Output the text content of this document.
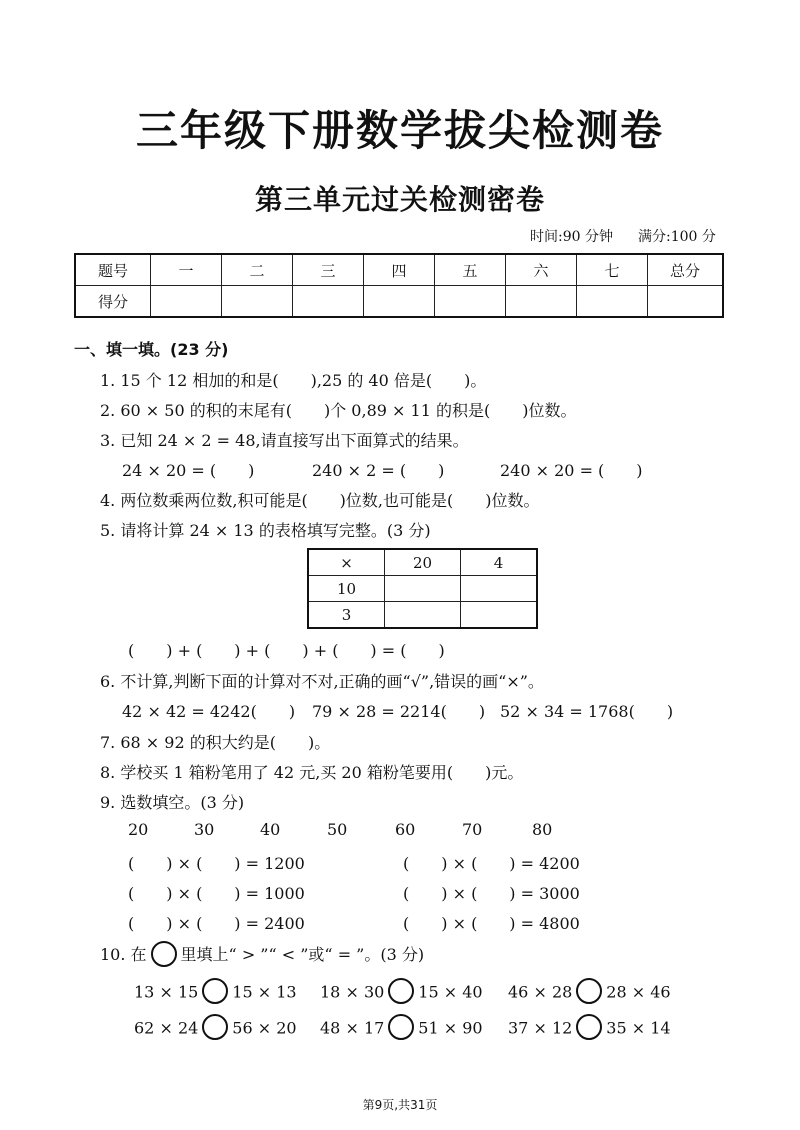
三年级下册数学拔尖检测卷
第三单元过关检测密卷
时间:90 分钟 满分:100 分
题号	一	二	三	四	五	六	七	总分
得分								
一、填一填。(23 分)
1. 15 个 12 相加的和是(　　),25 的 40 倍是(　　)。
2. 60 × 50 的积的末尾有(　　)个 0,89 × 11 的积是(　　)位数。
3. 已知 24 × 2 = 48,请直接写出下面算式的结果。
24 × 20 = (　　)	240 × 2 = (　　)	240 × 20 = (　　)
4. 两位数乘两位数,积可能是(　　)位数,也可能是(　　)位数。
5. 请将计算 24 × 13 的表格填写完整。(3 分)
×	20	4
10		
3		
(　　) + (　　) + (　　) + (　　) = (　　)
6. 不计算,判断下面的计算对不对,正确的画“√”,错误的画“×”。
42 × 42 = 4242(　　) 79 × 28 = 2214(　　) 52 × 34 = 1768(　　)
7. 68 × 92 的积大约是(　　)。
8. 学校买 1 箱粉笔用了 42 元,买 20 箱粉笔要用(　　)元。
9. 选数填空。(3 分)
20	30	40	50	60	70	80
(　　) × (　　) = 1200
(　　) × (　　) = 1000
(　　) × (　　) = 2400
(　　) × (　　) = 4200
(　　) × (　　) = 3000
(　　) × (　　) = 4800
10. 在 里填上“ > ”“ < ”或“ = ”。(3 分)
13 × 15 15 × 13 18 × 30 15 × 40 46 × 28 28 × 46
62 × 24 56 × 20 48 × 17 51 × 90 37 × 12 35 × 14
第9页,共31页
